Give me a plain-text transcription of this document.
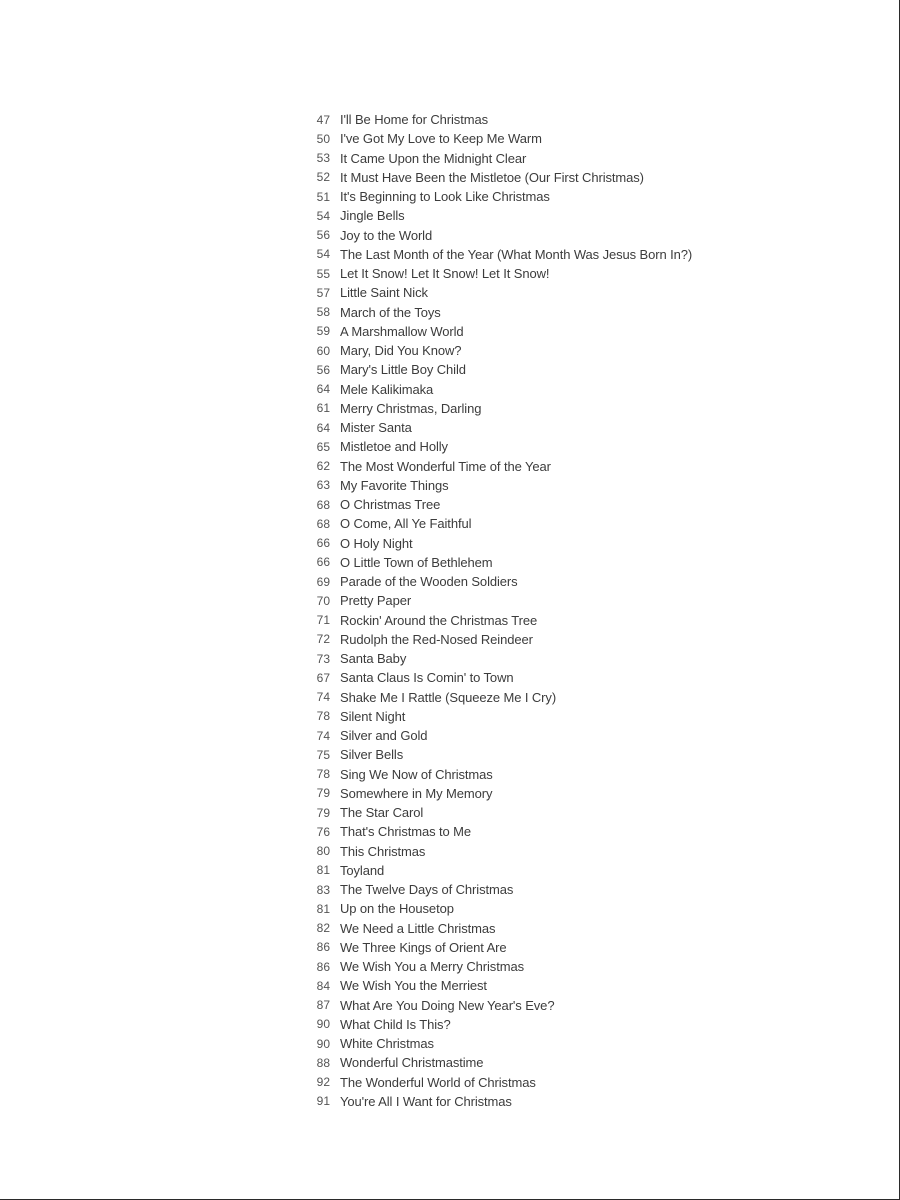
47 I'll Be Home for Christmas
50 I've Got My Love to Keep Me Warm
53 It Came Upon the Midnight Clear
52 It Must Have Been the Mistletoe (Our First Christmas)
51 It's Beginning to Look Like Christmas
54 Jingle Bells
56 Joy to the World
54 The Last Month of the Year (What Month Was Jesus Born In?)
55 Let It Snow! Let It Snow! Let It Snow!
57 Little Saint Nick
58 March of the Toys
59 A Marshmallow World
60 Mary, Did You Know?
56 Mary's Little Boy Child
64 Mele Kalikimaka
61 Merry Christmas, Darling
64 Mister Santa
65 Mistletoe and Holly
62 The Most Wonderful Time of the Year
63 My Favorite Things
68 O Christmas Tree
68 O Come, All Ye Faithful
66 O Holy Night
66 O Little Town of Bethlehem
69 Parade of the Wooden Soldiers
70 Pretty Paper
71 Rockin' Around the Christmas Tree
72 Rudolph the Red-Nosed Reindeer
73 Santa Baby
67 Santa Claus Is Comin' to Town
74 Shake Me I Rattle (Squeeze Me I Cry)
78 Silent Night
74 Silver and Gold
75 Silver Bells
78 Sing We Now of Christmas
79 Somewhere in My Memory
79 The Star Carol
76 That's Christmas to Me
80 This Christmas
81 Toyland
83 The Twelve Days of Christmas
81 Up on the Housetop
82 We Need a Little Christmas
86 We Three Kings of Orient Are
86 We Wish You a Merry Christmas
84 We Wish You the Merriest
87 What Are You Doing New Year's Eve?
90 What Child Is This?
90 White Christmas
88 Wonderful Christmastime
92 The Wonderful World of Christmas
91 You're All I Want for Christmas
